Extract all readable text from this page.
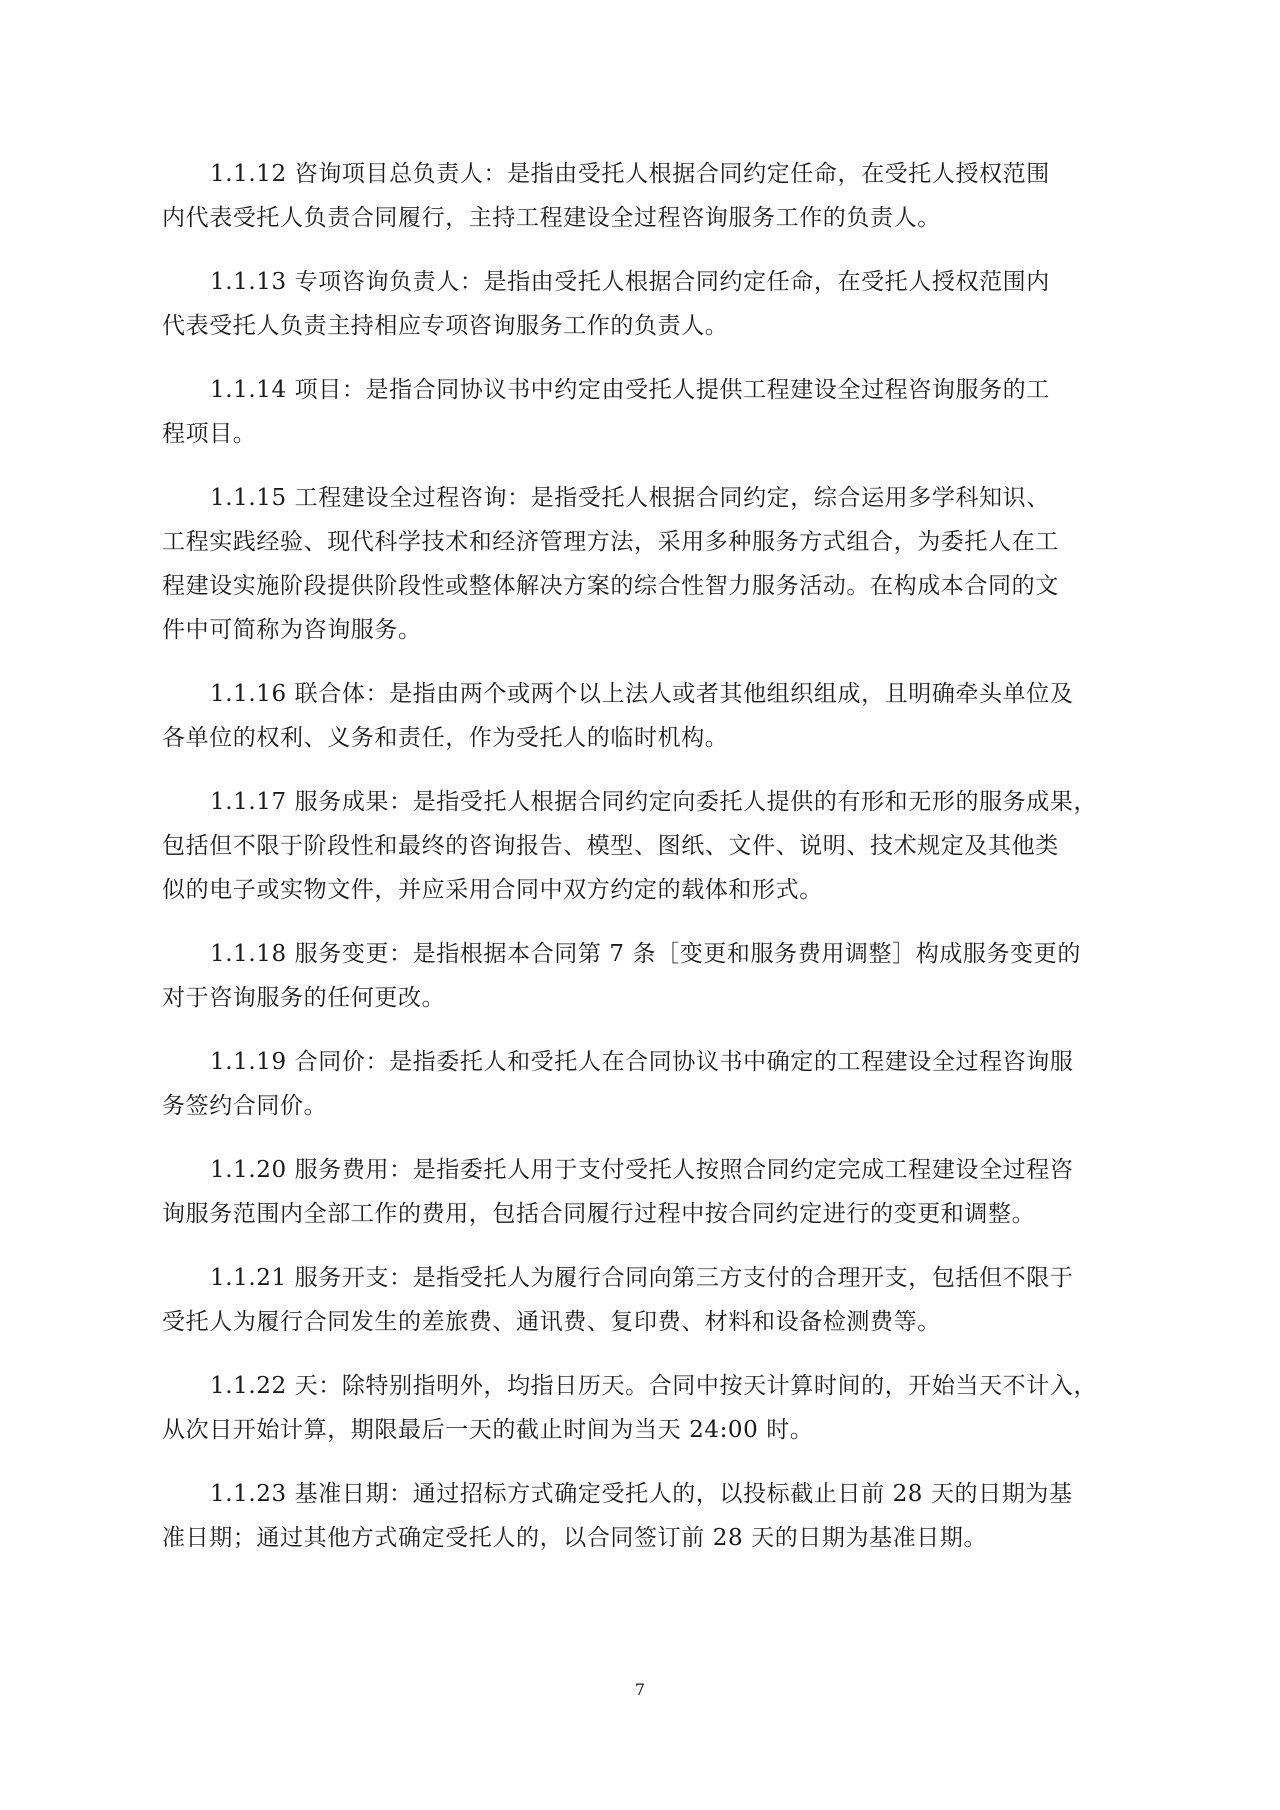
1.1.12 咨询项目总负责人：是指由受托人根据合同约定任命，在受托人授权范围
内代表受托人负责合同履行，主持工程建设全过程咨询服务工作的负责人。
1.1.13 专项咨询负责人：是指由受托人根据合同约定任命，在受托人授权范围内
代表受托人负责主持相应专项咨询服务工作的负责人。
1.1.14 项目：是指合同协议书中约定由受托人提供工程建设全过程咨询服务的工
程项目。
1.1.15 工程建设全过程咨询：是指受托人根据合同约定，综合运用多学科知识、
工程实践经验、现代科学技术和经济管理方法，采用多种服务方式组合，为委托人在工
程建设实施阶段提供阶段性或整体解决方案的综合性智力服务活动。在构成本合同的文
件中可简称为咨询服务。
1.1.16 联合体：是指由两个或两个以上法人或者其他组织组成，且明确牵头单位及
各单位的权利、义务和责任，作为受托人的临时机构。
1.1.17 服务成果：是指受托人根据合同约定向委托人提供的有形和无形的服务成果，
包括但不限于阶段性和最终的咨询报告、模型、图纸、文件、说明、技术规定及其他类
似的电子或实物文件，并应采用合同中双方约定的载体和形式。
1.1.18 服务变更：是指根据本合同第 7 条［变更和服务费用调整］构成服务变更的
对于咨询服务的任何更改。
1.1.19 合同价：是指委托人和受托人在合同协议书中确定的工程建设全过程咨询服
务签约合同价。
1.1.20 服务费用：是指委托人用于支付受托人按照合同约定完成工程建设全过程咨
询服务范围内全部工作的费用，包括合同履行过程中按合同约定进行的变更和调整。
1.1.21 服务开支：是指受托人为履行合同向第三方支付的合理开支，包括但不限于
受托人为履行合同发生的差旅费、通讯费、复印费、材料和设备检测费等。
1.1.22 天：除特别指明外，均指日历天。合同中按天计算时间的，开始当天不计入，
从次日开始计算，期限最后一天的截止时间为当天 24:00 时。
1.1.23 基准日期：通过招标方式确定受托人的，以投标截止日前 28 天的日期为基
准日期；通过其他方式确定受托人的，以合同签订前 28 天的日期为基准日期。
7
